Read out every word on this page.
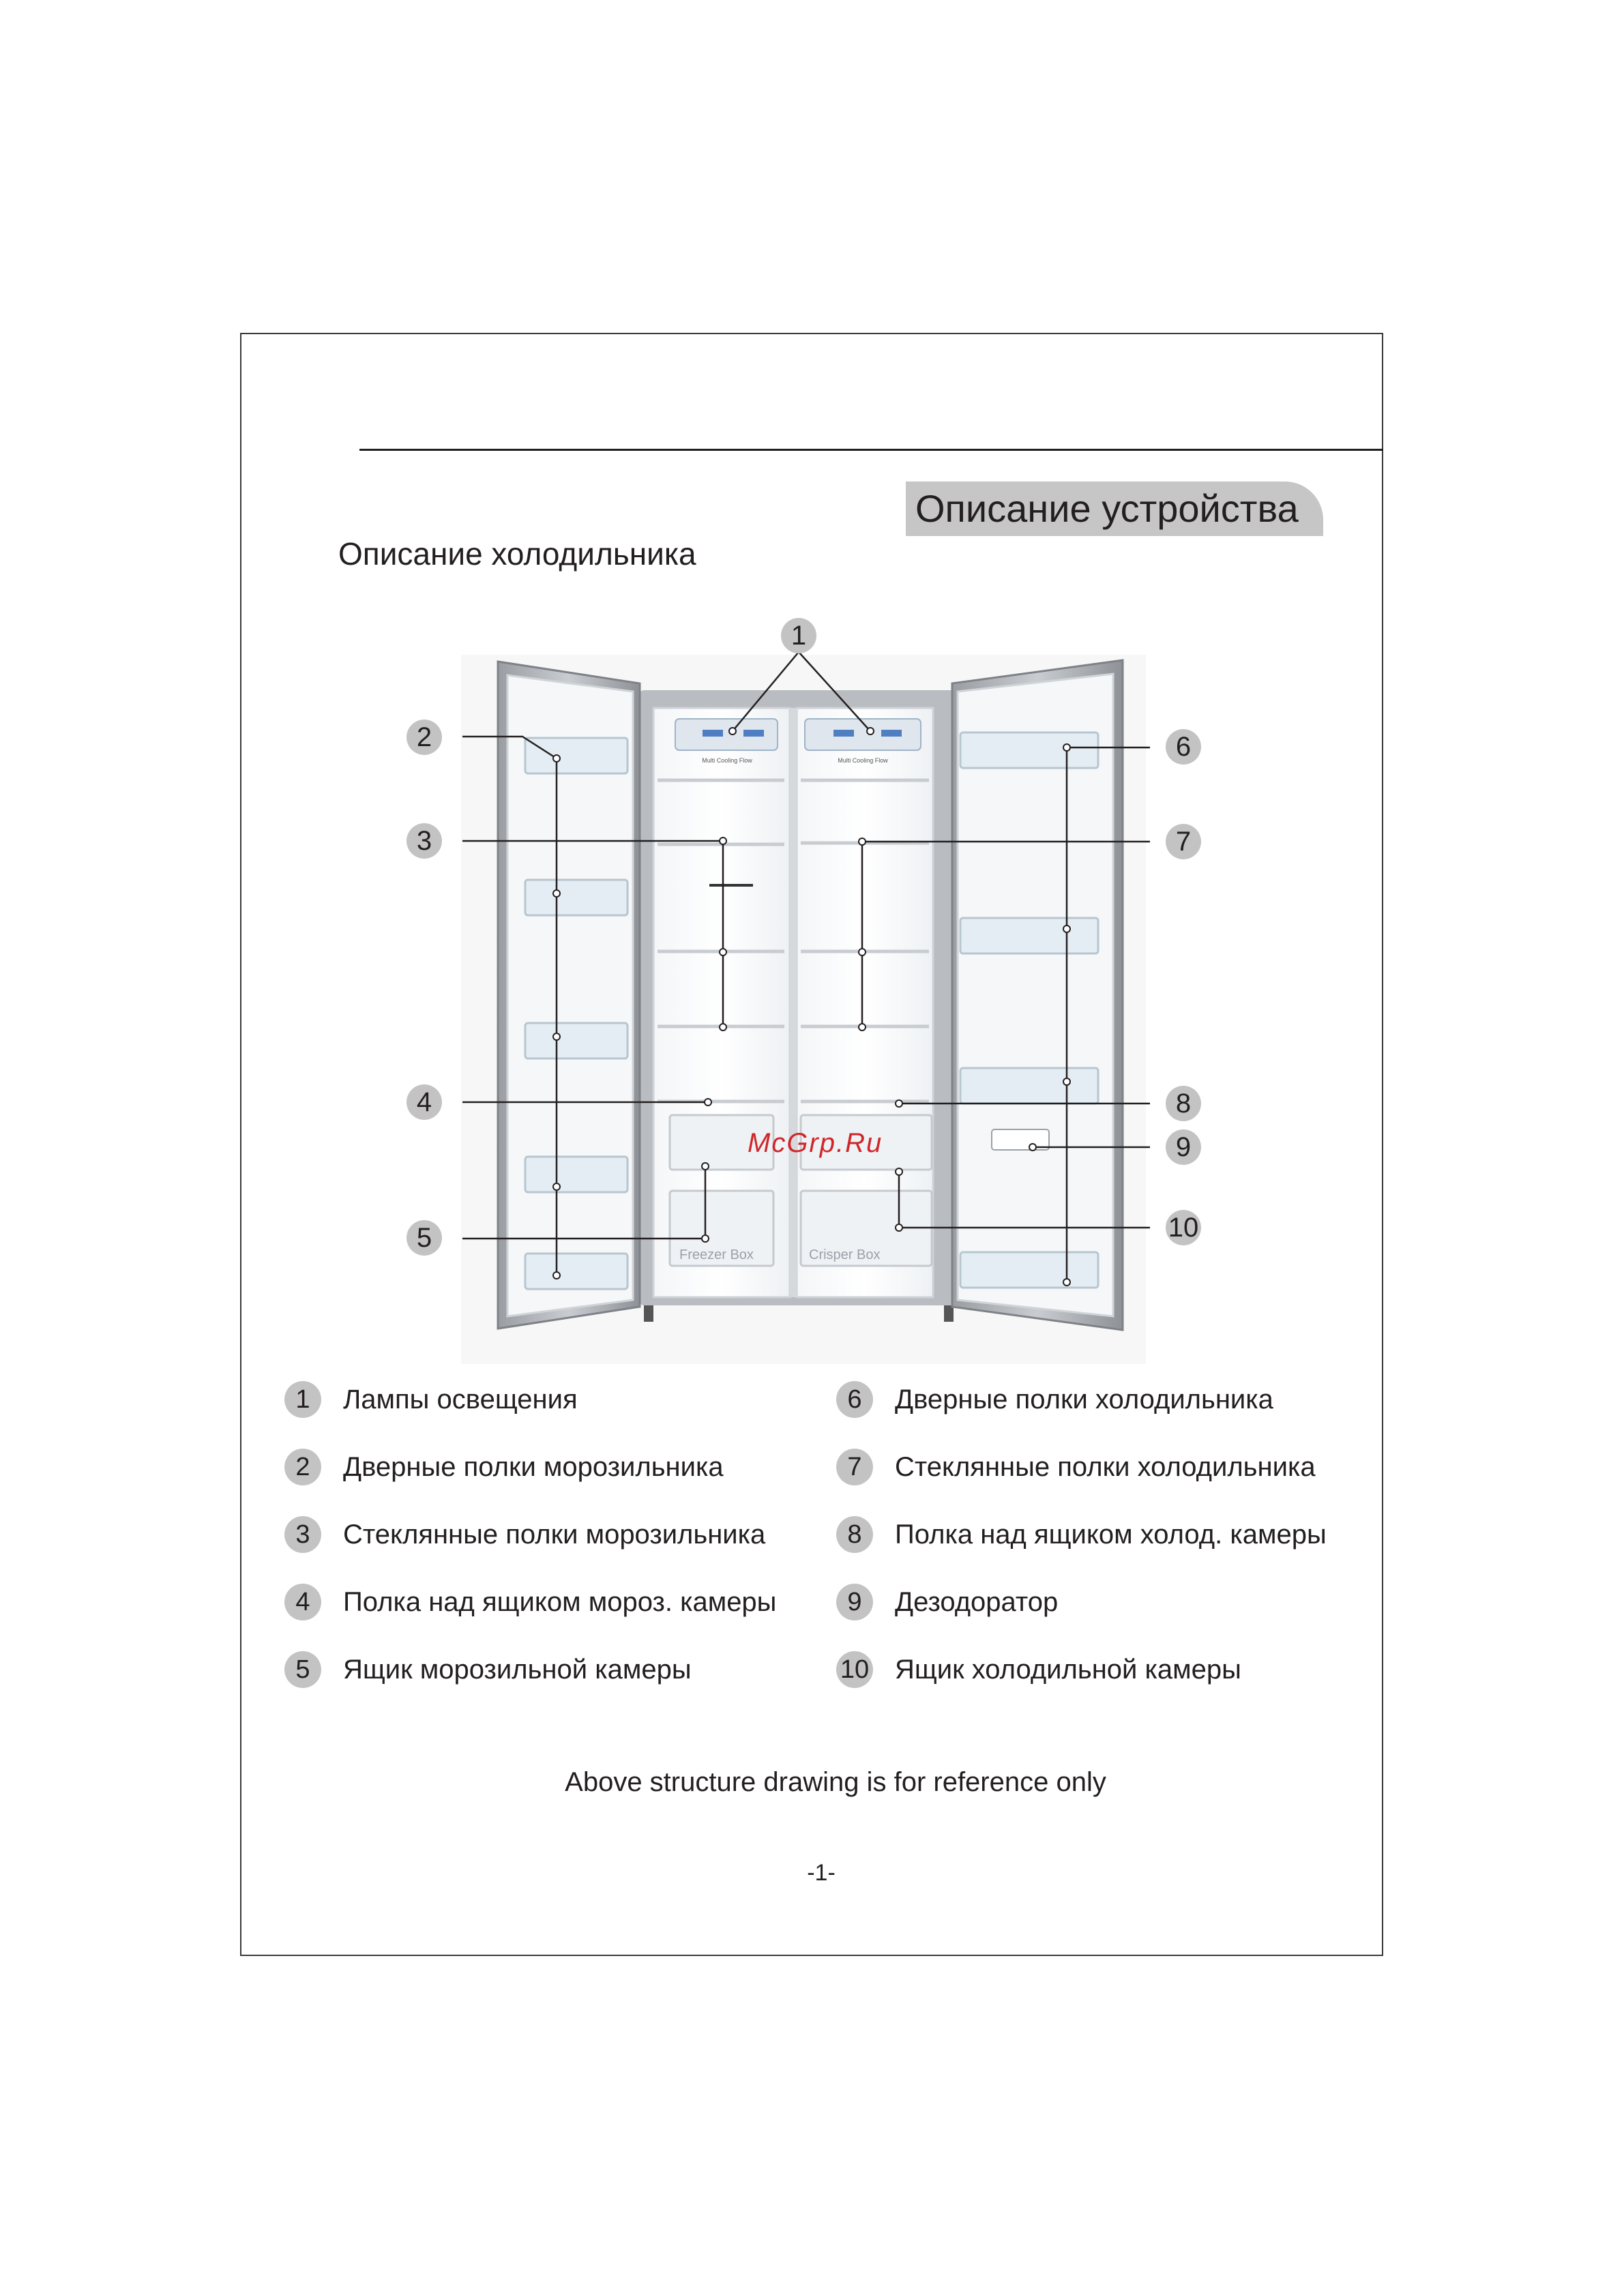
Описание устройства
Описание холодильника
Multi Cooling Flow	Multi Cooling Flow
Freezer Box	Crisper Box
1
2
3
4
5
6
7
8
9
10
McGrp.Ru
1	Лампы освещения
2	Дверные полки морозильника
3	Стеклянные полки морозильника
4	Полка над ящиком мороз. камеры
5	Ящик морозильной камеры
6	Дверные полки холодильника
7	Стеклянные полки холодильника
8	Полка над ящиком холод. камеры
9	Дезодоратор
10 Ящик холодильной камеры
Above structure drawing is for reference only
-1-
